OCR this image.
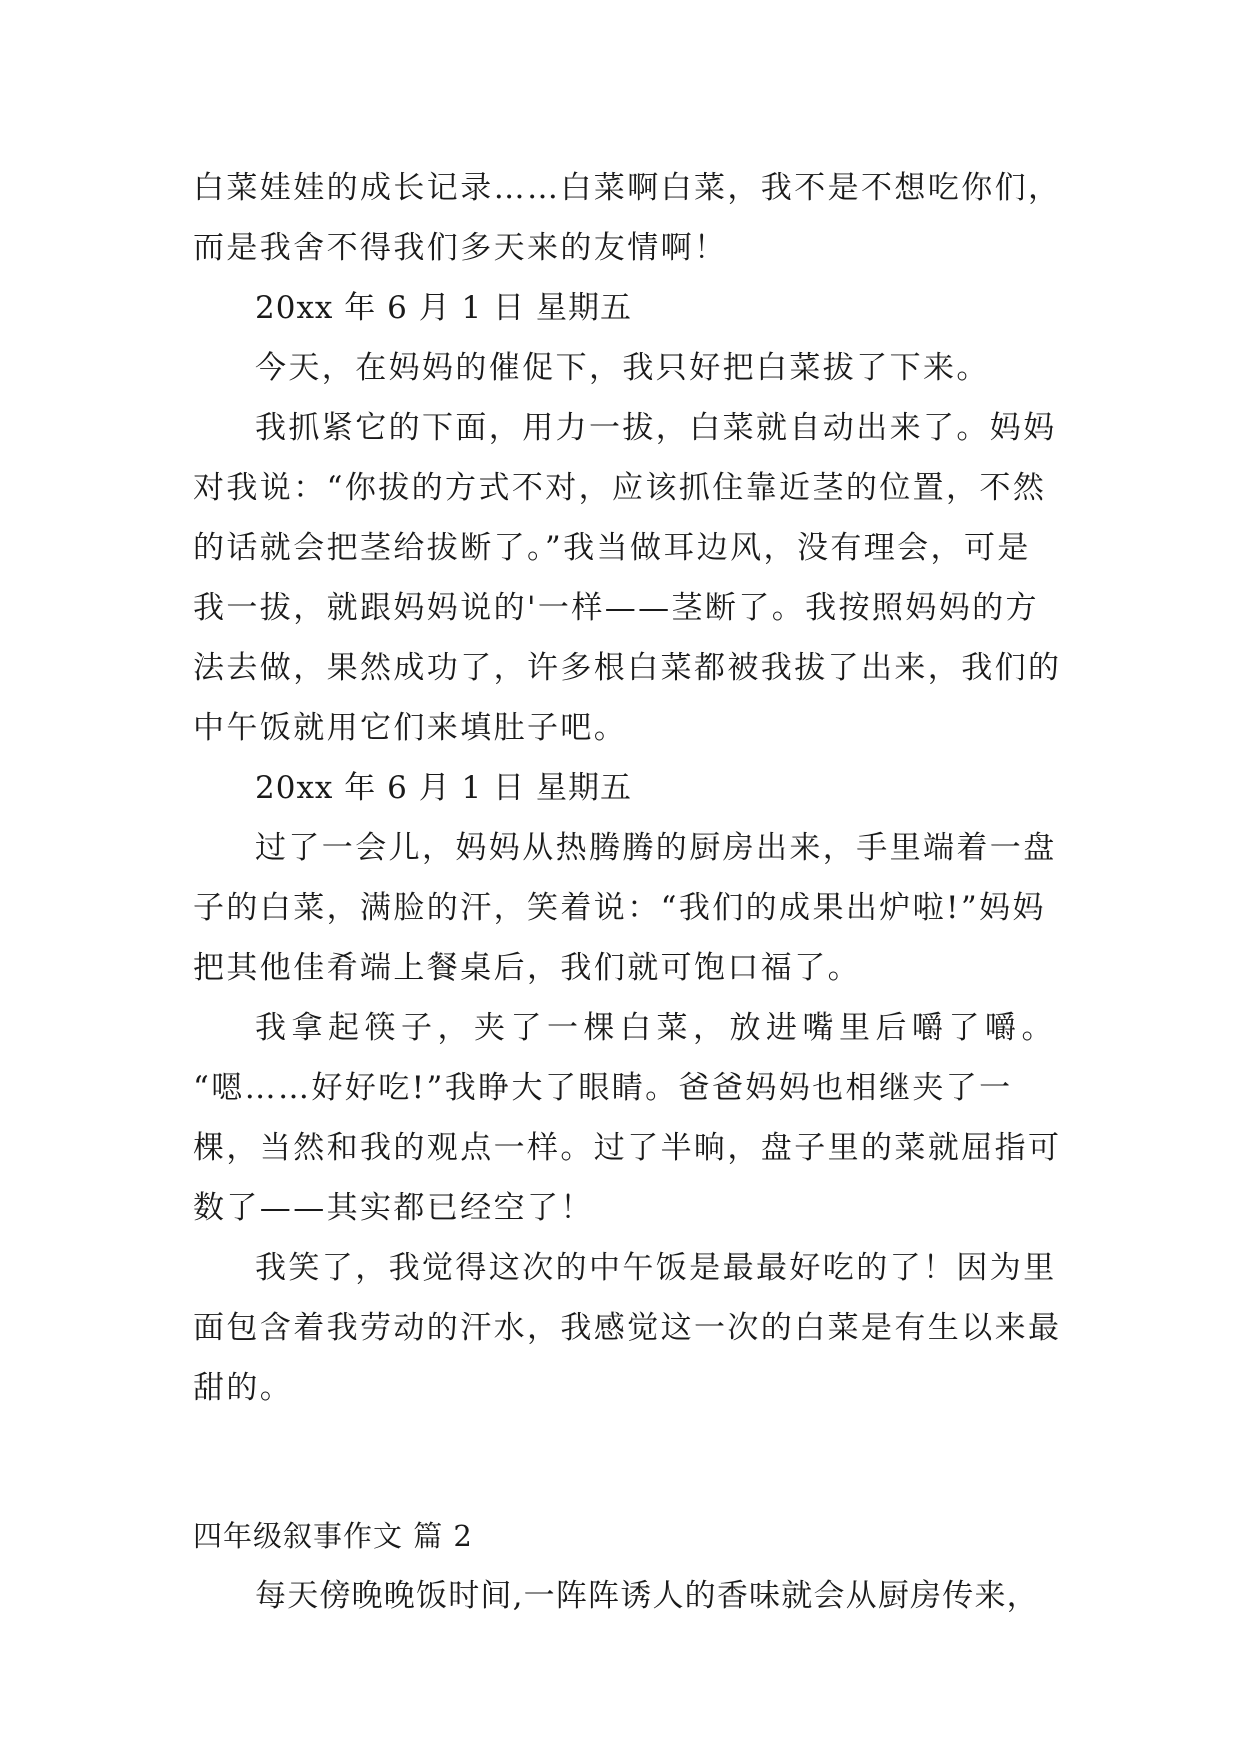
白菜娃娃的成长记录……白菜啊白菜，我不是不想吃你们，
而是我舍不得我们多天来的友情啊！
20xx 年 6 月 1 日 星期五
今天，在妈妈的催促下，我只好把白菜拔了下来。
我抓紧它的下面，用力一拔，白菜就自动出来了。妈妈
对我说：“你拔的方式不对，应该抓住靠近茎的位置，不然
的话就会把茎给拔断了。”我当做耳边风，没有理会，可是
我一拔，就跟妈妈说的'一样——茎断了。我按照妈妈的方
法去做，果然成功了，许多根白菜都被我拔了出来，我们的
中午饭就用它们来填肚子吧。
20xx 年 6 月 1 日 星期五
过了一会儿，妈妈从热腾腾的厨房出来，手里端着一盘
子的白菜，满脸的汗，笑着说：“我们的成果出炉啦!”妈妈
把其他佳肴端上餐桌后，我们就可饱口福了。
我拿起筷子，夹了一棵白菜，放进嘴里后嚼了嚼。
“嗯……好好吃!”我睁大了眼睛。爸爸妈妈也相继夹了一
棵，当然和我的观点一样。过了半晌，盘子里的菜就屈指可
数了——其实都已经空了！
我笑了，我觉得这次的中午饭是最最好吃的了！因为里
面包含着我劳动的汗水，我感觉这一次的白菜是有生以来最
甜的。
四年级叙事作文 篇 2
每天傍晚晚饭时间,一阵阵诱人的香味就会从厨房传来，
